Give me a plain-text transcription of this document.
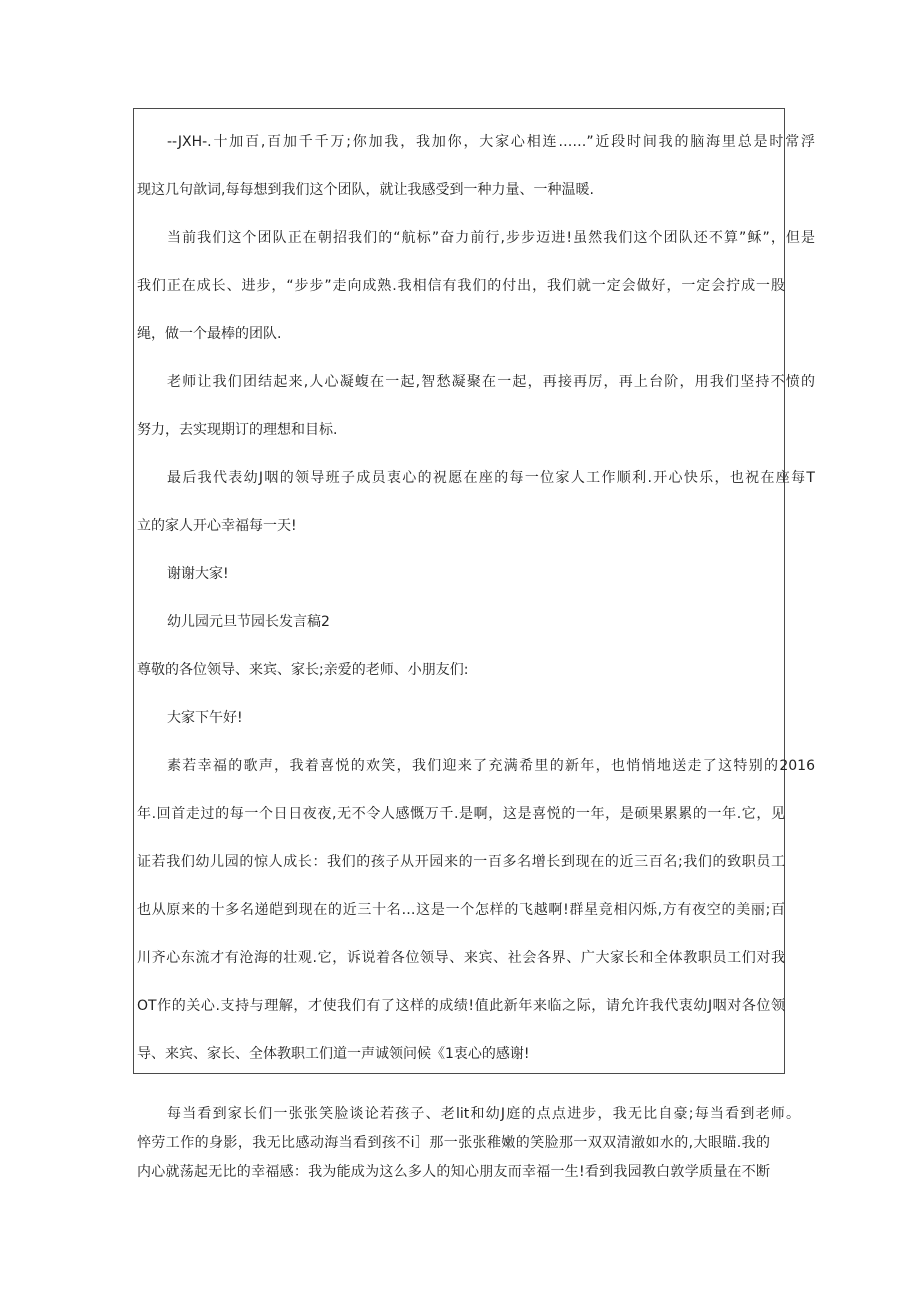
--JXH-.十加百,百加千千万;你加我，我加你，大家心相连……”近段时间我的脑海里总是时常浮
现这几句歆词,每每想到我们这个团队，就让我感受到一种力量、一种温暖.
当前我们这个团队正在朝招我们的“航标”奋力前行,步步迈进!虽然我们这个团队还不算”稣”，但是
我们正在成长、进步，“步步”走向成熟.我相信有我们的付出，我们就一定会做好，一定会拧成一股
绳，做一个最棒的团队.
老师让我们团结起来,人心凝蝮在一起,智愁凝聚在一起，再接再厉，再上台阶，用我们坚持不愤的
努力，去实现期订的理想和目标.
最后我代表幼J咽的领导班子成员衷心的祝愿在座的每一位家人工作顺利.开心快乐，也祝在座每T
立的家人开心幸福每一天!
谢谢大家!
幼儿园元旦节园长发言稿2
尊敬的各位领导、来宾、家长;亲爱的老师、小朋友们:
大家下午好!
素若幸福的歌声，我着喜悦的欢笑，我们迎来了充满希里的新年，也悄悄地送走了这特别的2016
年.回首走过的每一个日日夜夜,无不令人感慨万千.是啊，这是喜悦的一年，是硕果累累的一年.它，见
证若我们幼儿园的惊人成长：我们的孩子从开园来的一百多名增长到现在的近三百名;我们的致职员工
也从原来的十多名递皑到现在的近三十名…这是一个怎样的飞越啊!群星竞相闪烁,方有夜空的美丽;百
川齐心东流才有沧海的壮观.它，诉说着各位领导、来宾、社会各界、广大家长和全体教职员工们对我
OT作的关心.支持与理解，才使我们有了这样的成绩!值此新年来临之际，请允许我代衷幼J咽对各位领
导、来宾、家长、全体教职工们道一声诚领问候《1衷心的感谢!
每当看到家长们一张张笑脸谈论若孩子、老lit和幼J庭的点点进步，我无比自豪;每当看到老师。
悴劳工作的身影，我无比感动海当看到孩不i］那一张张稚嫩的笑脸那一双双清澈如水的,大眼瞄.我的
内心就荡起无比的幸福感：我为能成为这么多人的知心朋友而幸福一生!看到我园教白敦学质量在不断
